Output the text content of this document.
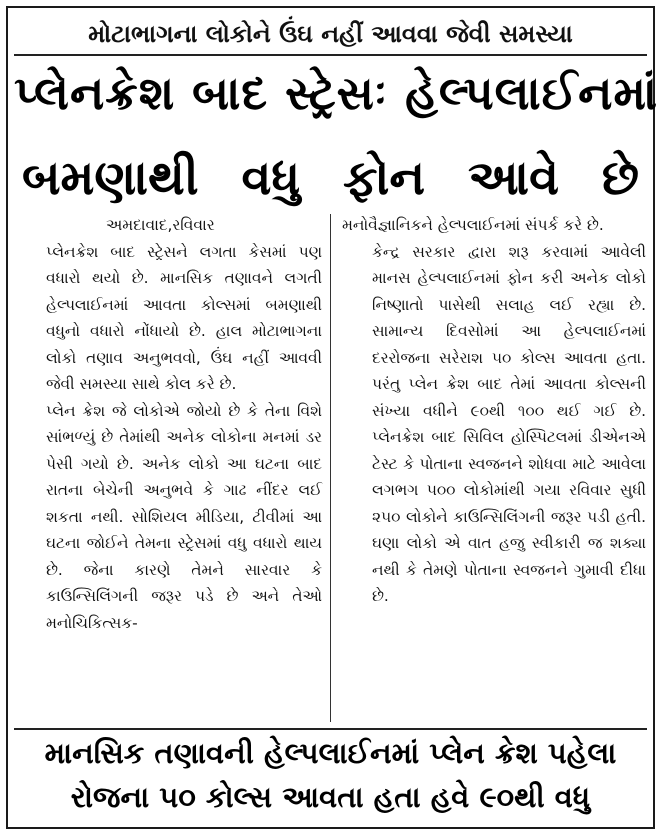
મોટાભાગના લોકોને ઉંઘ નહીં આવવા જેવી સમસ્યા
પ્લેનક્રેશ બાદ સ્ટ્રેસઃ હેલ્પલાઈનમાં
બમણાથી વધુ ફોન આવે છે

અમદાવાદ,રવિવાર

પ્લેનક્રેશ બાદ સ્ટ્રેસને લગતા કેસમાં પણ વધારો થયો છે. માનસિક તણાવને લગતી હેલ્પલાઈનમાં આવતા કોલ્સમાં બમણાથી વધુનો વધારો નોંધાયો છે. હાલ મોટાભાગના લોકો તણાવ અનુભવવો, ઉંઘ નહીં આવવી જેવી સમસ્યા સાથે કોલ કરે છે.

પ્લેન ક્રેશ જે લોકોએ જોયો છે કે તેના વિશે સાંભળ્યું છે તેમાંથી અનેક લોકોના મનમાં ડર પેસી ગયો છે. અનેક લોકો આ ઘટના બાદ રાતના બેચેની અનુભવે કે ગાઢ નીંદર લઈ શકતા નથી. સોશિયલ મીડિયા, ટીવીમાં આ ઘટના જોઈને તેમના સ્ટ્રેસમાં વધુ વધારો થાય છે. જેના કારણે તેમને સારવાર કે કાઉન્સિલિંગની જરૂર પડે છે અને તેઓ મનોચિકિત્સક-

મનોવૈજ્ઞાનિકને હેલ્પલાઈનમાં સંપર્ક કરે છે.

કેન્દ્ર સરકાર દ્વારા શરૂ કરવામાં આવેલી માનસ હેલ્પલાઈનમાં ફોન કરી અનેક લોકો નિષ્ણાતો પાસેથી સલાહ લઈ રહ્યા છે. સામાન્ય દિવસોમાં આ હેલ્પલાઈનમાં દરરોજના સરેરાશ ૫૦ કોલ્સ આવતા હતા. પરંતુ પ્લેન ક્રેશ બાદ તેમાં આવતા કોલ્સની સંખ્યા વધીને ૯૦થી ૧૦૦ થઈ ગઈ છે. પ્લેનક્રેશ બાદ સિવિલ હોસ્પિટલમાં ડીએનએ ટેસ્ટ કે પોતાના સ્વજનને શોધવા માટે આવેલા લગભગ ૫૦૦ લોકોમાંથી ગયા રવિવાર સુધી ૨૫૦ લોકોને કાઉન્સિલિંગની જરૂર પડી હતી. ઘણા લોકો એ વાત હજુ સ્વીકારી જ શક્યા નથી કે તેમણે પોતાના સ્વજનને ગુમાવી દીધા છે.

માનસિક તણાવની હેલ્પલાઈનમાં પ્લેન ક્રેશ પહેલા
રોજના ૫૦ કોલ્સ આવતા હતા હવે ૯૦થી વધુ
